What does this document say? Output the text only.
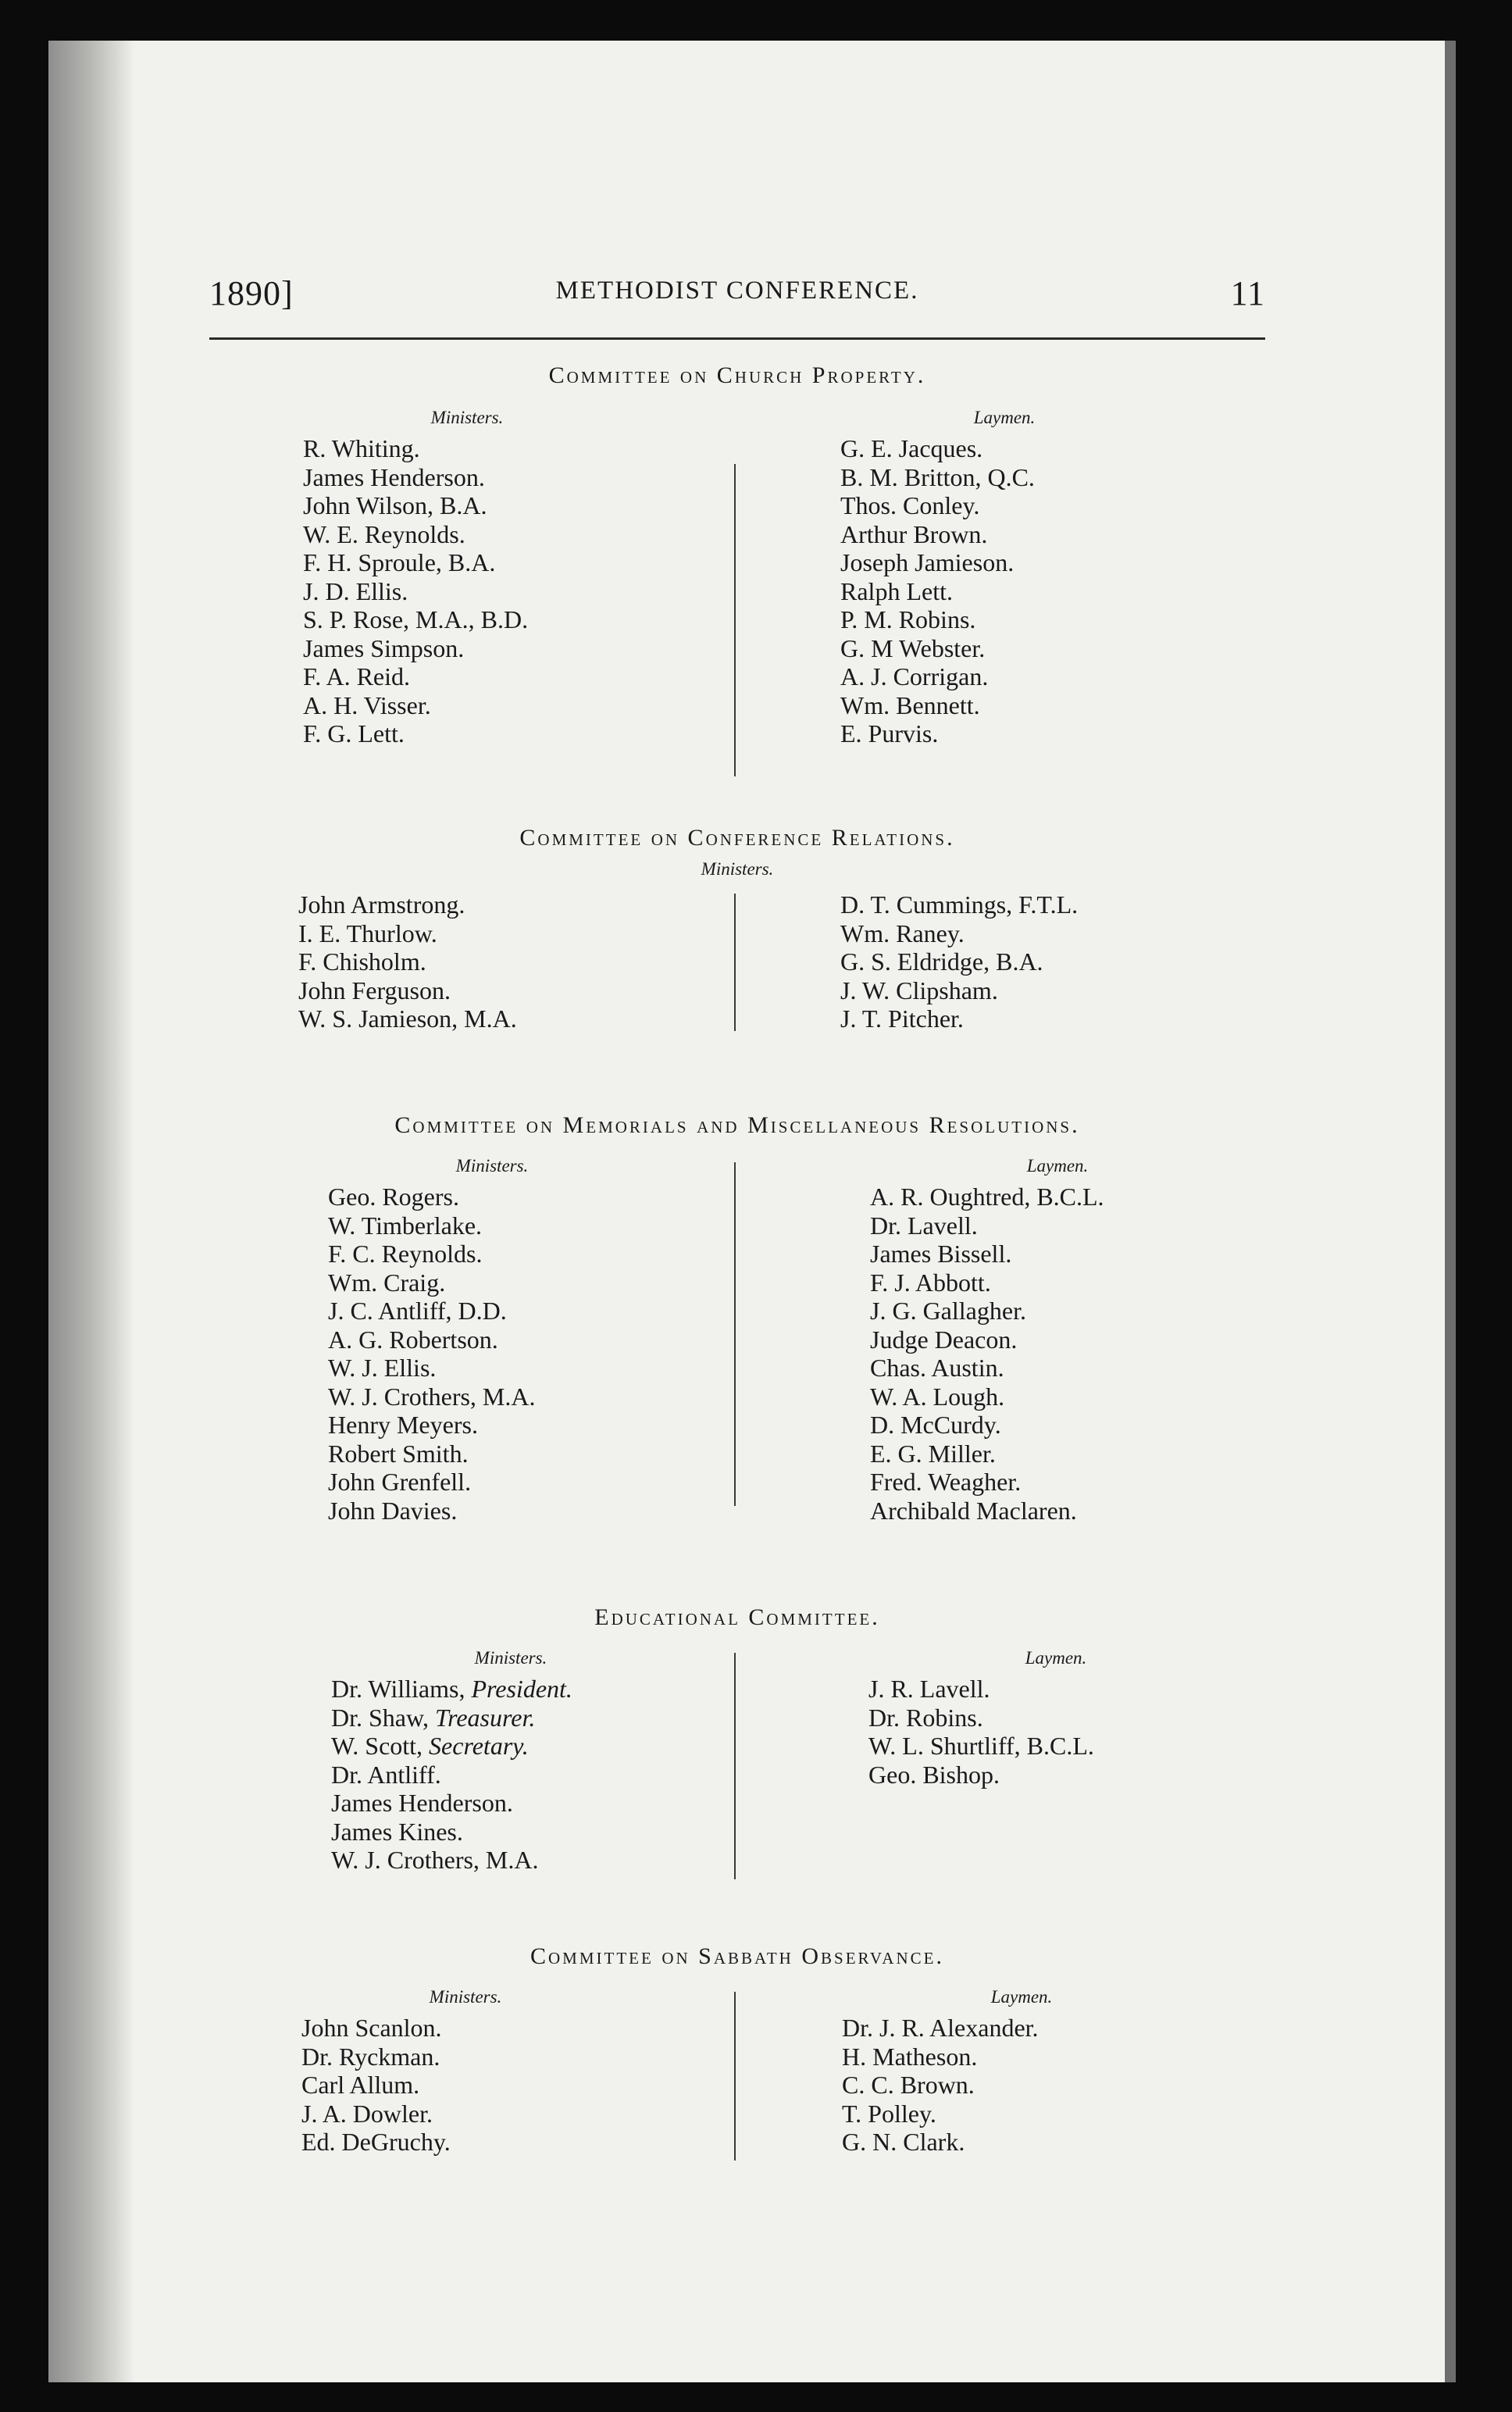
1890]	METHODIST CONFERENCE.	11
Committee on Church Property.
Ministers.
R. Whiting.
James Henderson.
John Wilson, B.A.
W. E. Reynolds.
F. H. Sproule, B.A.
J. D. Ellis.
S. P. Rose, M.A., B.D.
James Simpson.
F. A. Reid.
A. H. Visser.
F. G. Lett.
Laymen.
G. E. Jacques.
B. M. Britton, Q.C.
Thos. Conley.
Arthur Brown.
Joseph Jamieson.
Ralph Lett.
P. M. Robins.
G. M Webster.
A. J. Corrigan.
Wm. Bennett.
E. Purvis.
Committee on Conference Relations.
Ministers.
John Armstrong.
I. E. Thurlow.
F. Chisholm.
John Ferguson.
W. S. Jamieson, M.A.
D. T. Cummings, F.T.L.
Wm. Raney.
G. S. Eldridge, B.A.
J. W. Clipsham.
J. T. Pitcher.
Committee on Memorials and Miscellaneous Resolutions.
Ministers.
Geo. Rogers.
W. Timberlake.
F. C. Reynolds.
Wm. Craig.
J. C. Antliff, D.D.
A. G. Robertson.
W. J. Ellis.
W. J. Crothers, M.A.
Henry Meyers.
Robert Smith.
John Grenfell.
John Davies.
Laymen.
A. R. Oughtred, B.C.L.
Dr. Lavell.
James Bissell.
F. J. Abbott.
J. G. Gallagher.
Judge Deacon.
Chas. Austin.
W. A. Lough.
D. McCurdy.
E. G. Miller.
Fred. Weagher.
Archibald Maclaren.
Educational Committee.
Ministers.
Dr. Williams, President.
Dr. Shaw, Treasurer.
W. Scott, Secretary.
Dr. Antliff.
James Henderson.
James Kines.
W. J. Crothers, M.A.
Laymen.
J. R. Lavell.
Dr. Robins.
W. L. Shurtliff, B.C.L.
Geo. Bishop.
Committee on Sabbath Observance.
Ministers.
John Scanlon.
Dr. Ryckman.
Carl Allum.
J. A. Dowler.
Ed. DeGruchy.
Laymen.
Dr. J. R. Alexander.
H. Matheson.
C. C. Brown.
T. Polley.
G. N. Clark.
